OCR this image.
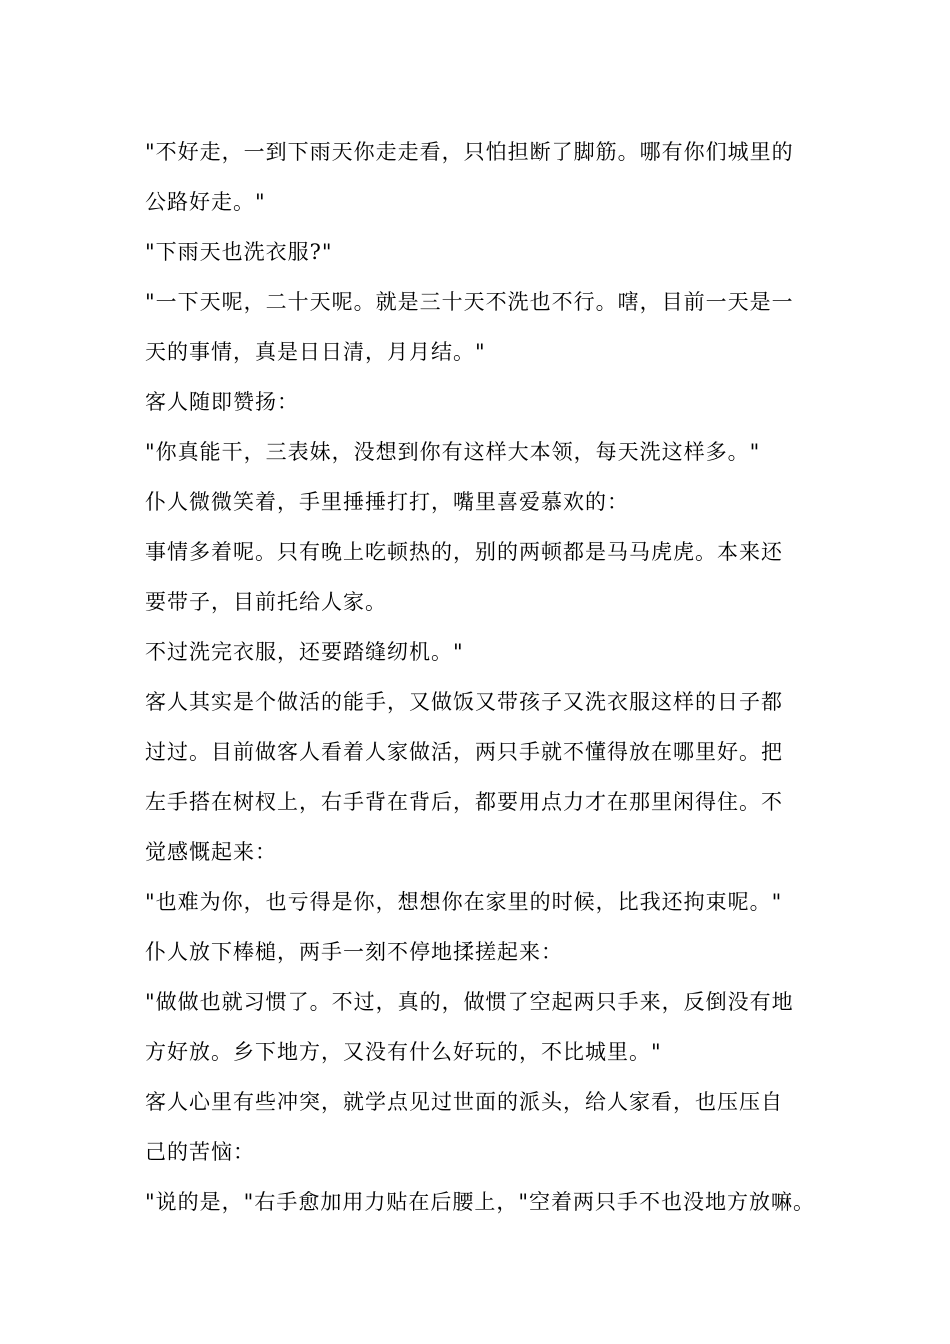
"不好走，一到下雨天你走走看，只怕担断了脚筋。哪有你们城里的

公路好走。"

"下雨天也洗衣服?"

"一下天呢，二十天呢。就是三十天不洗也不行。嗐，目前一天是一

天的事情，真是日日清，月月结。"

客人随即赞扬：

"你真能干，三表妹，没想到你有这样大本领，每天洗这样多。"

仆人微微笑着，手里捶捶打打，嘴里喜爱慕欢的：

事情多着呢。只有晚上吃顿热的，别的两顿都是马马虎虎。本来还

要带子，目前托给人家。

不过洗完衣服，还要踏缝纫机。"

客人其实是个做活的能手，又做饭又带孩子又洗衣服这样的日子都

过过。目前做客人看着人家做活，两只手就不懂得放在哪里好。把

左手搭在树杈上，右手背在背后，都要用点力才在那里闲得住。不

觉感慨起来：

"也难为你，也亏得是你，想想你在家里的时候，比我还拘束呢。"

仆人放下棒槌，两手一刻不停地揉搓起来：

"做做也就习惯了。不过，真的，做惯了空起两只手来，反倒没有地

方好放。乡下地方，又没有什么好玩的，不比城里。"

客人心里有些冲突，就学点见过世面的派头，给人家看，也压压自

己的苦恼：

"说的是，"右手愈加用力贴在后腰上，"空着两只手不也没地方放嘛。
